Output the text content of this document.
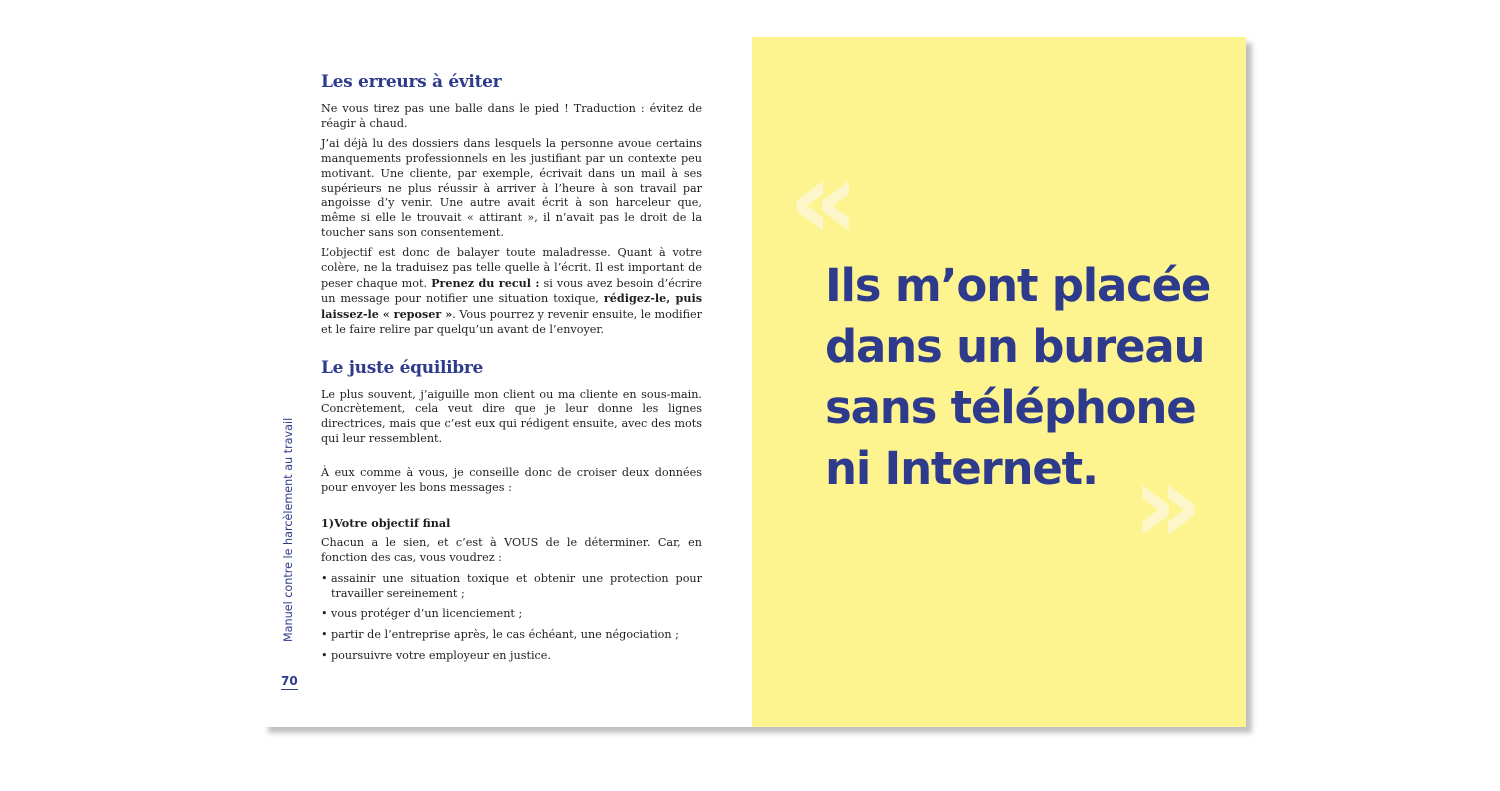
Les erreurs à éviter

Ne vous tirez pas une balle dans le pied ! Traduction : évitez de réagir à chaud.

J’ai déjà lu des dossiers dans lesquels la personne avoue certains manquements professionnels en les justifiant par un contexte peu motivant. Une cliente, par exemple, écrivait dans un mail à ses supérieurs ne plus réussir à arriver à l’heure à son travail par angoisse d’y venir. Une autre avait écrit à son harceleur que, même si elle le trouvait « attirant », il n’avait pas le droit de la toucher sans son consentement.

L’objectif est donc de balayer toute maladresse. Quant à votre colère, ne la traduisez pas telle quelle à l’écrit. Il est important de peser chaque mot. Prenez du recul : si vous avez besoin d’écrire un message pour notifier une situation toxique, rédigez-le, puis laissez-le « reposer ». Vous pourrez y revenir ensuite, le modifier et le faire relire par quelqu’un avant de l’envoyer.

Le juste équilibre

Le plus souvent, j’aiguille mon client ou ma cliente en sous-main. Concrètement, cela veut dire que je leur donne les lignes directrices, mais que c’est eux qui rédigent ensuite, avec des mots qui leur ressemblent.

À eux comme à vous, je conseille donc de croiser deux données pour envoyer les bons messages :

1)Votre objectif final

Chacun a le sien, et c’est à VOUS de le déterminer. Car, en fonction des cas, vous voudrez :

• assainir une situation toxique et obtenir une protection pour travailler sereinement ;
• vous protéger d’un licenciement ;
• partir de l’entreprise après, le cas échéant, une négociation ;
• poursuivre votre employeur en justice.
Manuel contre le harcèlement au travail
70
«
Ils m’ont placée
dans un bureau
sans téléphone
ni Internet. »
